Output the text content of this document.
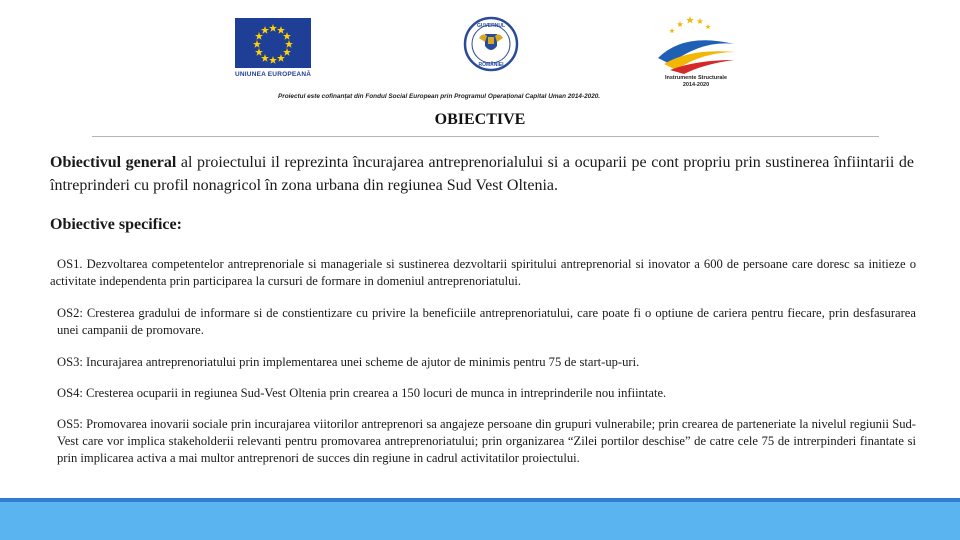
UNIUNEA EUROPEANĂ
GUVERNUL
ROMÂNIEI
Instrumente Structurale
2014-2020
Proiectul este cofinanțat din Fondul Social European prin Programul Operațional Capital Uman 2014-2020.
OBIECTIVE
Obiectivul general al proiectului il reprezinta încurajarea antreprenorialului si a ocuparii pe cont propriu prin sustinerea înfiintarii de întreprinderi cu profil nonagricol în zona urbana din regiunea Sud Vest Oltenia.
Obiective specifice:
OS1. Dezvoltarea competentelor antreprenoriale si manageriale si sustinerea dezvoltarii spiritului antreprenorial si inovator a 600 de persoane care doresc sa initieze o activitate independenta prin participarea la cursuri de formare in domeniul antreprenoriatului.
OS2: Cresterea gradului de informare si de constientizare cu privire la beneficiile antreprenoriatului, care poate fi o optiune de cariera pentru fiecare, prin desfasurarea unei campanii de promovare.
OS3: Incurajarea antreprenoriatului prin implementarea unei scheme de ajutor de minimis pentru 75 de start-up-uri.
OS4: Cresterea ocuparii in regiunea Sud-Vest Oltenia prin crearea a 150 locuri de munca in intreprinderile nou infiintate.
OS5: Promovarea inovarii sociale prin incurajarea viitorilor antreprenori sa angajeze persoane din grupuri vulnerabile; prin crearea de parteneriate la nivelul regiunii Sud-Vest care vor implica stakeholderii relevanti pentru promovarea antreprenoriatului; prin organizarea “Zilei portilor deschise” de catre cele 75 de intrerpinderi finantate si prin implicarea activa a mai multor antreprenori de succes din regiune in cadrul activitatilor proiectului.
